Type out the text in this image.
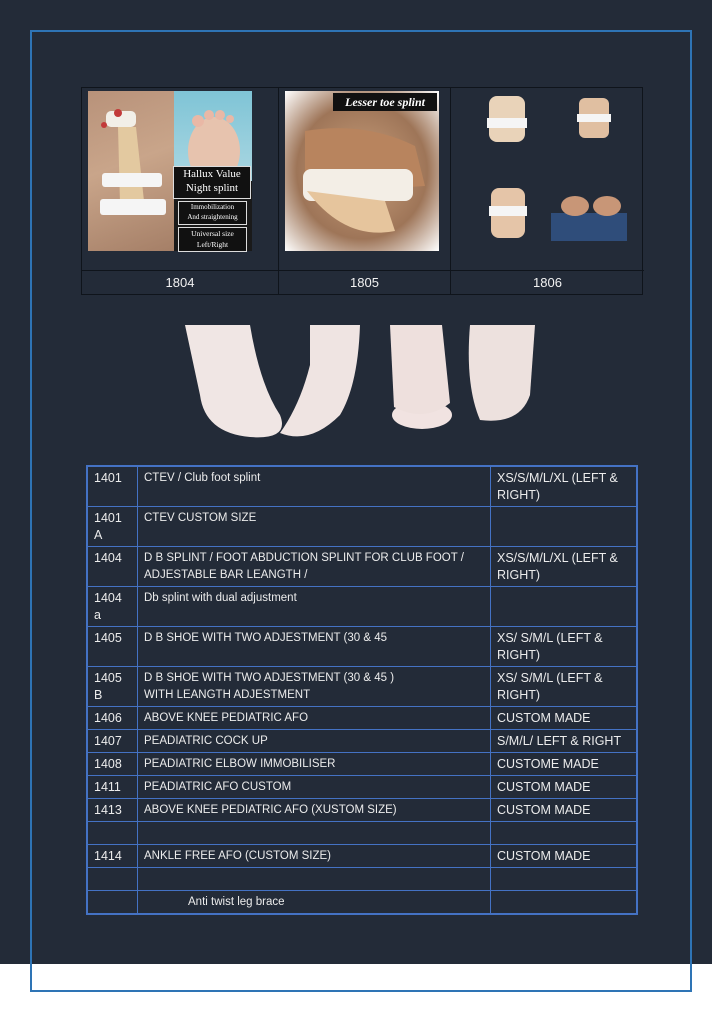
Hallux Value Night splint
Immobilization
And straightening
Universal size Left/Right
Lesser toe splint
1804	1805	1806
1401	CTEV / Club foot splint	XS/S/M/L/XL (LEFT & RIGHT)
1401 A	CTEV CUSTOM SIZE	

1404	D B SPLINT / FOOT ABDUCTION SPLINT FOR CLUB FOOT /
ADJESTABLE BAR LEANGTH /	XS/S/M/L/XL (LEFT & RIGHT)
1404 a	Db splint with dual adjustment	

1405	D B SHOE WITH TWO ADJESTMENT (30 & 45	XS/ S/M/L (LEFT & RIGHT)
1405 B	D B SHOE WITH TWO ADJESTMENT (30 & 45 )
WITH LEANGTH ADJESTMENT	XS/ S/M/L (LEFT & RIGHT)
1406	ABOVE KNEE PEDIATRIC AFO	CUSTOM MADE
1407	PEADIATRIC COCK UP	S/M/L/ LEFT & RIGHT
1408	PEADIATRIC ELBOW IMMOBILISER	CUSTOME MADE
1411	PEADIATRIC AFO CUSTOM	CUSTOM MADE
1413	ABOVE KNEE PEDIATRIC AFO (XUSTOM SIZE)	CUSTOM MADE

1414	ANKLE FREE AFO (CUSTOM SIZE)	CUSTOM MADE

	Anti twist leg brace	
